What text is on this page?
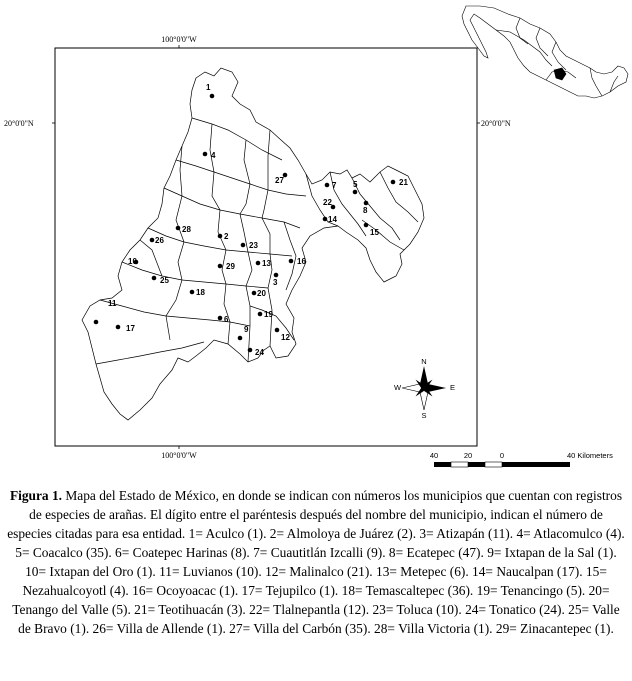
100°0'0"W
100°0'0"W
20°0'0"N	20°0'0"N
1
2
3
4
5
6
7
8
9
10
11
12
13
14
15
16
17
18
19
20
21
22
23
24
25
26
27
28
29
N
S
E
W
40	20	0	40 Kilometers
Figura 1. Mapa del Estado de México, en donde se indican con números los municipios que cuentan con registros de especies de arañas. El dígito entre el paréntesis después del nombre del municipio, indican el número de especies citadas para esa entidad. 1= Aculco (1). 2= Almoloya de Juárez (2). 3= Atizapán (11). 4= Atlacomulco (4). 5= Coacalco (35). 6= Coatepec Harinas (8). 7= Cuautitlán Izcalli (9). 8= Ecatepec (47). 9= Ixtapan de la Sal (1). 10= Ixtapan del Oro (1). 11= Luvianos (10). 12= Malinalco (21). 13= Metepec (6). 14= Naucalpan (17). 15= Nezahualcoyotl (4). 16= Ocoyoacac (1). 17= Tejupilco (1). 18= Temascaltepec (36). 19= Tenancingo (5). 20= Tenango del Valle (5). 21= Teotihuacán (3). 22= Tlalnepantla (12). 23= Toluca (10). 24= Tonatico (24). 25= Valle de Bravo (1). 26= Villa de Allende (1). 27= Villa del Carbón (35). 28= Villa Victoria (1). 29= Zinacantepec (1).
